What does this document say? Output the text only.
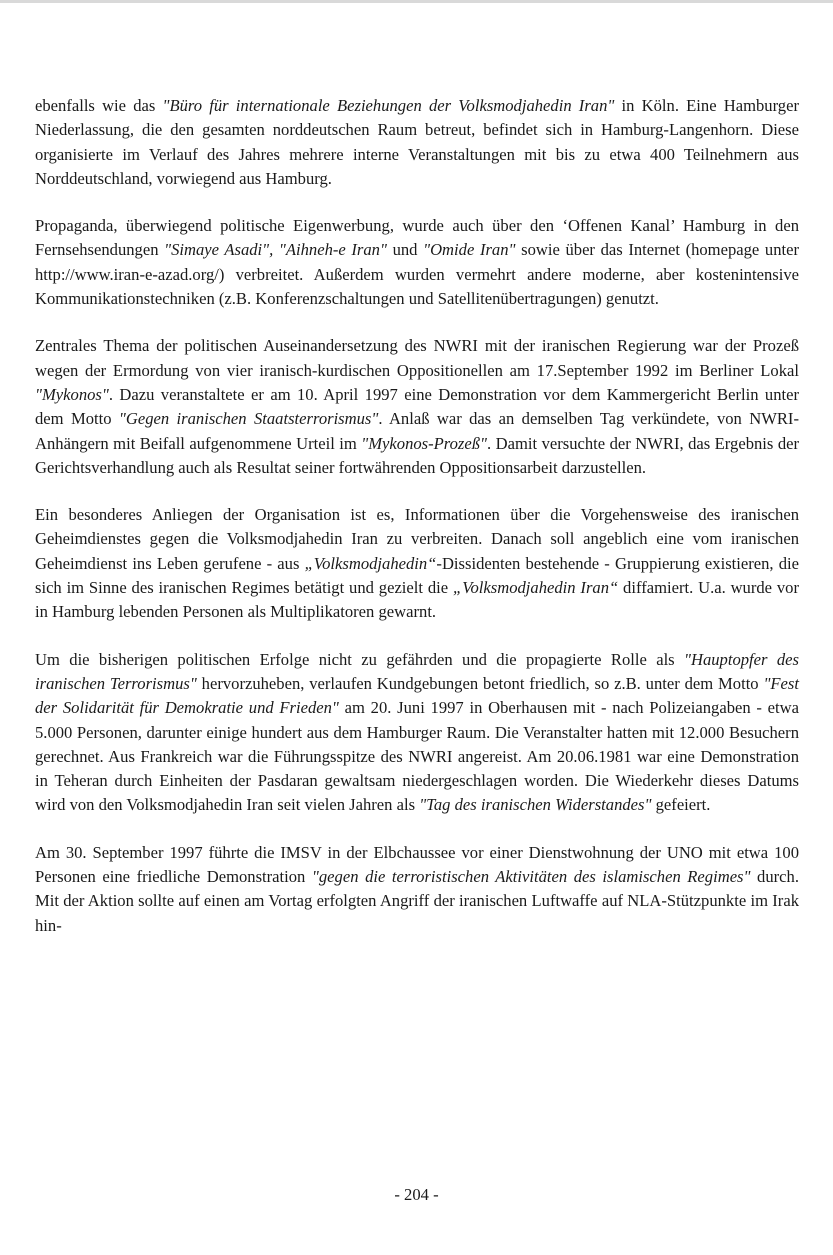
ebenfalls wie das "Büro für internationale Beziehungen der Volksmodjahedin Iran" in Köln. Eine Hamburger Niederlassung, die den gesamten norddeutschen Raum betreut, befindet sich in Hamburg-Langenhorn. Diese organisierte im Verlauf des Jahres mehrere interne Veranstaltungen mit bis zu etwa 400 Teilnehmern aus Norddeutschland, vorwiegend aus Hamburg.

Propaganda, überwiegend politische Eigenwerbung, wurde auch über den ‘Offenen Kanal’ Hamburg in den Fernsehsendungen "Simaye Asadi", "Aihneh-e Iran" und "Omide Iran" sowie über das Internet (homepage unter http://www.iran-e-azad.org/) verbreitet. Außerdem wurden vermehrt andere moderne, aber kostenintensive Kommunikationstechniken (z.B. Konferenzschaltungen und Satellitenübertragungen) genutzt.

Zentrales Thema der politischen Auseinandersetzung des NWRI mit der iranischen Regierung war der Prozeß wegen der Ermordung von vier iranisch-kurdischen Oppositionellen am 17.September 1992 im Berliner Lokal "Mykonos". Dazu veranstaltete er am 10. April 1997 eine Demonstration vor dem Kammergericht Berlin unter dem Motto "Gegen iranischen Staatsterrorismus". Anlaß war das an demselben Tag verkündete, von NWRI-Anhängern mit Beifall aufgenommene Urteil im "Mykonos-Prozeß". Damit versuchte der NWRI, das Ergebnis der Gerichtsverhandlung auch als Resultat seiner fortwährenden Oppositionsarbeit darzustellen.

Ein besonderes Anliegen der Organisation ist es, Informationen über die Vorgehensweise des iranischen Geheimdienstes gegen die Volksmodjahedin Iran zu verbreiten. Danach soll angeblich eine vom iranischen Geheimdienst ins Leben gerufene - aus „Volksmodjahedin“-Dissidenten bestehende - Gruppierung existieren, die sich im Sinne des iranischen Regimes betätigt und gezielt die „Volksmodjahedin Iran“ diffamiert. U.a. wurde vor in Hamburg lebenden Personen als Multiplikatoren gewarnt.

Um die bisherigen politischen Erfolge nicht zu gefährden und die propagierte Rolle als "Hauptopfer des iranischen Terrorismus" hervorzuheben, verlaufen Kundgebungen betont friedlich, so z.B. unter dem Motto "Fest der Solidarität für Demokratie und Frieden" am 20. Juni 1997 in Oberhausen mit - nach Polizeiangaben - etwa 5.000 Personen, darunter einige hundert aus dem Hamburger Raum. Die Veranstalter hatten mit 12.000 Besuchern gerechnet. Aus Frankreich war die Führungsspitze des NWRI angereist. Am 20.06.1981 war eine Demonstration in Teheran durch Einheiten der Pasdaran gewaltsam niedergeschlagen worden. Die Wiederkehr dieses Datums wird von den Volksmodjahedin Iran seit vielen Jahren als "Tag des iranischen Widerstandes" gefeiert.

Am 30. September 1997 führte die IMSV in der Elbchaussee vor einer Dienstwohnung der UNO mit etwa 100 Personen eine friedliche Demonstration "gegen die terroristischen Aktivitäten des islamischen Regimes" durch. Mit der Aktion sollte auf einen am Vortag erfolgten Angriff der iranischen Luftwaffe auf NLA-Stützpunkte im Irak hin-

- 204 -
